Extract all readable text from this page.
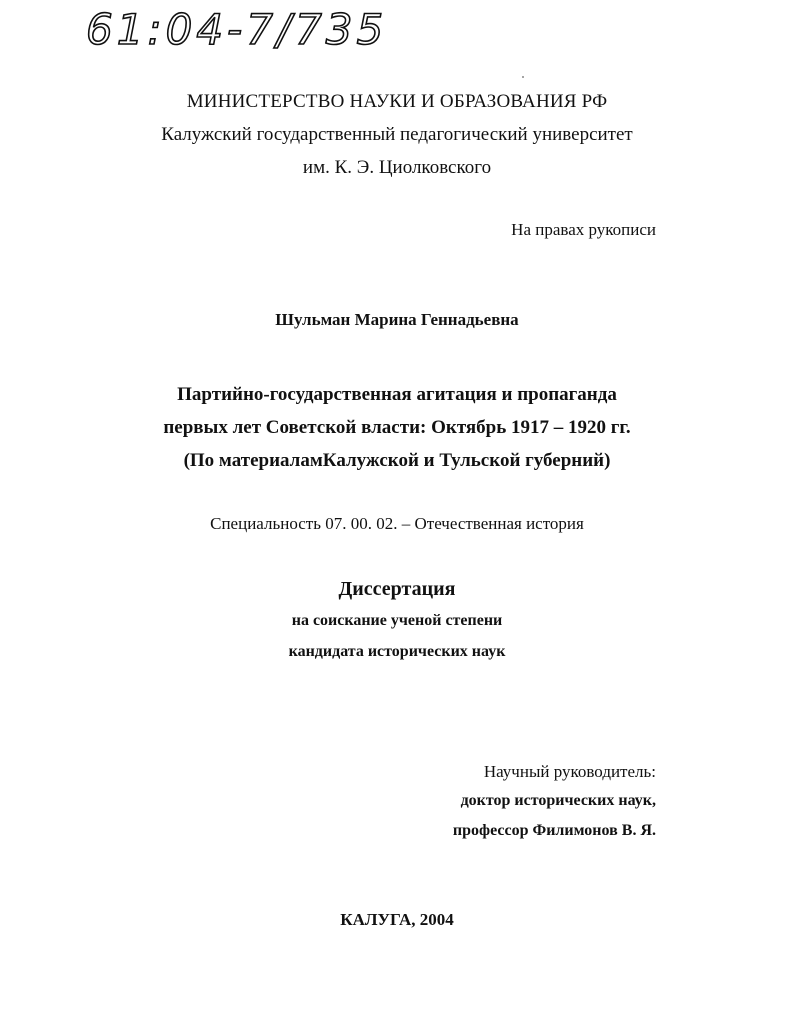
61:04-7/735
МИНИСТЕРСТВО НАУКИ И ОБРАЗОВАНИЯ РФ
Калужский государственный педагогический университет
им. К. Э. Циолковского
На правах рукописи
Шульман Марина Геннадьевна
Партийно-государственная агитация и пропаганда
первых лет Советской власти: Октябрь 1917 – 1920 гг.
(По материаламКалужской и Тульской губерний)
Специальность 07. 00. 02. – Отечественная история
Диссертация
на соискание ученой степени
кандидата исторических наук
Научный руководитель:
доктор исторических наук,
профессор Филимонов В. Я.
КАЛУГА, 2004
